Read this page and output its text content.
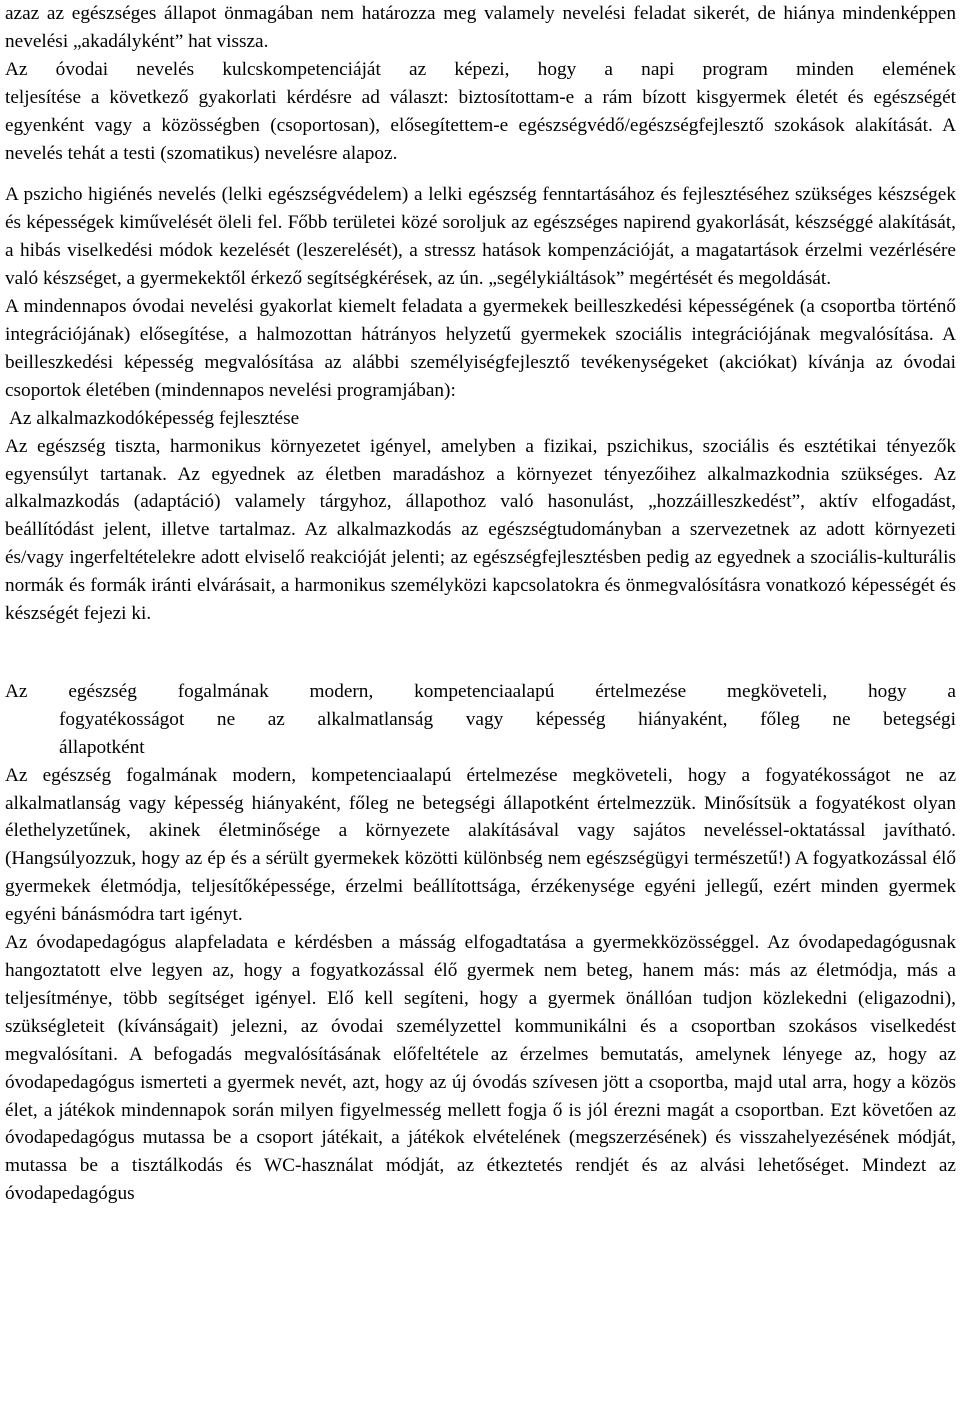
azaz az egészséges állapot önmagában nem határozza meg valamely nevelési feladat sikerét, de hiánya mindenképpen nevelési „akadályként” hat vissza.

Az óvodai nevelés kulcskompetenciáját az képezi, hogy a napi program minden elemének
teljesítése a következő gyakorlati kérdésre ad választ: biztosítottam-e a rám bízott kisgyermek életét és egészségét egyenként vagy a közösségben (csoportosan), elősegítettem-e egészségvédő/egészségfejlesztő szokások alakítását. A nevelés tehát a testi (szomatikus) nevelésre alapoz.

A pszicho higiénés nevelés (lelki egészségvédelem) a lelki egészség fenntartásához és fejlesztéséhez szükséges készségek és képességek kiművelését öleli fel. Főbb területei közé soroljuk az egészséges napirend gyakorlását, készséggé alakítását, a hibás viselkedési módok kezelését (leszerelését), a stressz hatások kompenzációját, a magatartások érzelmi vezérlésére való készséget, a gyermekektől érkező segítségkérések, az ún. „segélykiáltások” megértését és megoldását.

A mindennapos óvodai nevelési gyakorlat kiemelt feladata a gyermekek beilleszkedési képességének (a csoportba történő integrációjának) elősegítése, a halmozottan hátrányos helyzetű gyermekek szociális integrációjának megvalósítása. A beilleszkedési képesség megvalósítása az alábbi személyiségfejlesztő tevékenységeket (akciókat) kívánja az óvodai csoportok életében (mindennapos nevelési programjában):

Az alkalmazkodóképesség fejlesztése

Az egészség tiszta, harmonikus környezetet igényel, amelyben a fizikai, pszichikus, szociális és esztétikai tényezők egyensúlyt tartanak. Az egyednek az életben maradáshoz a környezet tényezőihez alkalmazkodnia szükséges. Az alkalmazkodás (adaptáció) valamely tárgyhoz, állapothoz való hasonulást, „hozzáilleszkedést”, aktív elfogadást, beállítódást jelent, illetve tartalmaz. Az alkalmazkodás az egészségtudományban a szervezetnek az adott környezeti és/vagy ingerfeltételekre adott elviselő reakcióját jelenti; az egészségfejlesztésben pedig az egyednek a szociális-kulturális normák és formák iránti elvárásait, a harmonikus személyközi kapcsolatokra és önmegvalósításra vonatkozó képességét és készségét fejezi ki.

Az egészség fogalmának modern, kompetenciaalapú értelmezése megköveteli, hogy a
fogyatékosságot ne az alkalmatlanság vagy képesség hiányaként, főleg ne betegségi
állapotként

Az egészség fogalmának modern, kompetenciaalapú értelmezése megköveteli, hogy a fogyatékosságot ne az alkalmatlanság vagy képesség hiányaként, főleg ne betegségi állapotként értelmezzük. Minősítsük a fogyatékost olyan élethelyzetűnek, akinek életminősége a környezete alakításával vagy sajátos neveléssel-oktatással javítható. (Hangsúlyozzuk, hogy az ép és a sérült gyermekek közötti különbség nem egészségügyi természetű!) A fogyatkozással élő gyermekek életmódja, teljesítőképessége, érzelmi beállítottsága, érzékenysége egyéni jellegű, ezért minden gyermek egyéni bánásmódra tart igényt.

Az óvodapedagógus alapfeladata e kérdésben a másság elfogadtatása a gyermekközösséggel. Az óvodapedagógusnak hangoztatott elve legyen az, hogy a fogyatkozással élő gyermek nem beteg, hanem más: más az életmódja, más a teljesítménye, több segítséget igényel. Elő kell segíteni, hogy a gyermek önállóan tudjon közlekedni (eligazodni), szükségleteit (kívánságait) jelezni, az óvodai személyzettel kommunikálni és a csoportban szokásos viselkedést megvalósítani. A befogadás megvalósításának előfeltétele az érzelmes bemutatás, amelynek lényege az, hogy az óvodapedagógus ismerteti a gyermek nevét, azt, hogy az új óvodás szívesen jött a csoportba, majd utal arra, hogy a közös élet, a játékok mindennapok során milyen figyelmesség mellett fogja ő is jól érezni magát a csoportban. Ezt követően az óvodapedagógus mutassa be a csoport játékait, a játékok elvételének (megszerzésének) és visszahelyezésének módját, mutassa be a tisztálkodás és WC-használat módját, az étkeztetés rendjét és az alvási lehetőséget. Mindezt az óvodapedagógus
